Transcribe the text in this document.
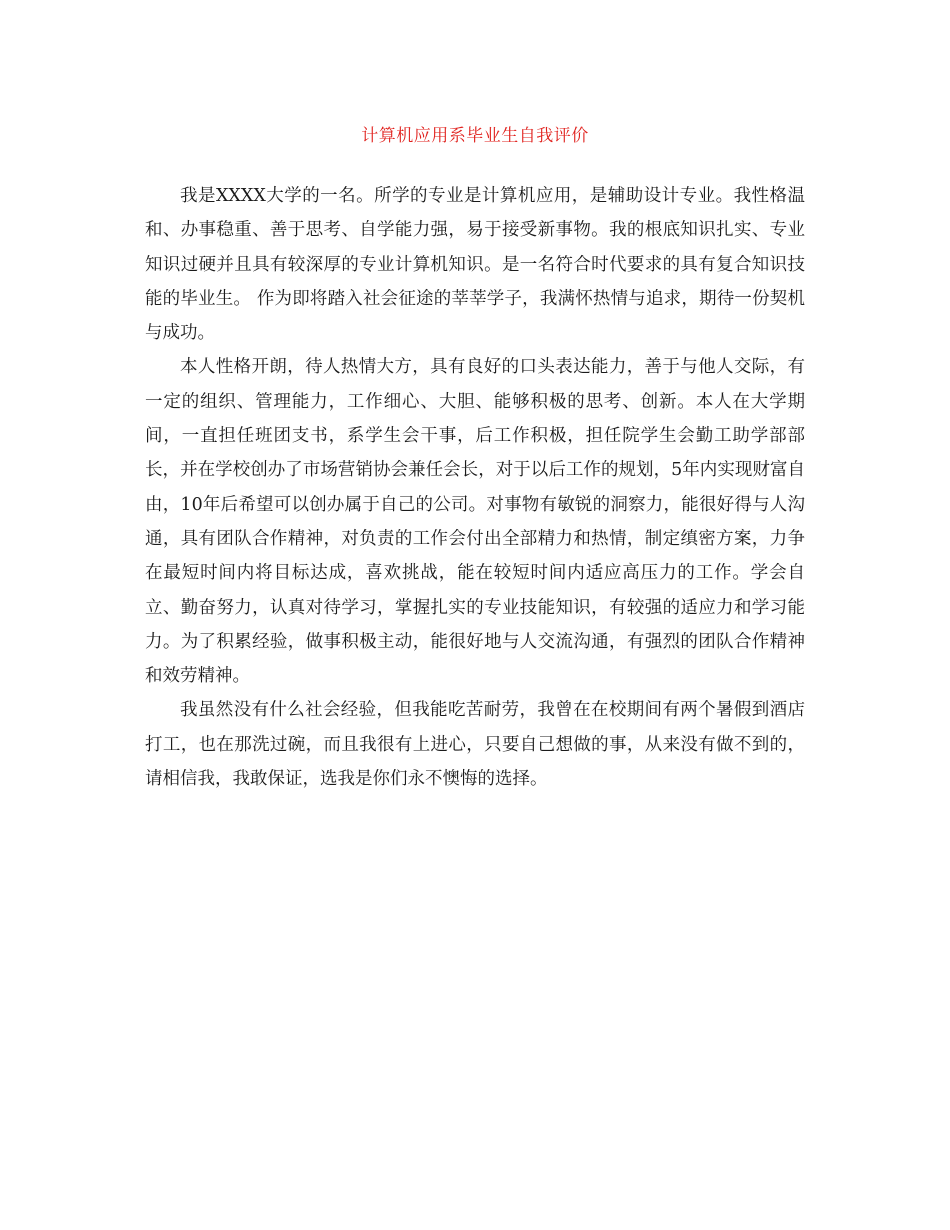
计算机应用系毕业生自我评价

我是XXXX大学的一名。所学的专业是计算机应用，是辅助设计专业。我性格温和、办事稳重、善于思考、自学能力强，易于接受新事物。我的根底知识扎实、专业知识过硬并且具有较深厚的专业计算机知识。是一名符合时代要求的具有复合知识技能的毕业生。 作为即将踏入社会征途的莘莘学子，我满怀热情与追求，期待一份契机与成功。

本人性格开朗，待人热情大方，具有良好的口头表达能力，善于与他人交际，有一定的组织、管理能力，工作细心、大胆、能够积极的思考、创新。本人在大学期间，一直担任班团支书，系学生会干事，后工作积极，担任院学生会勤工助学部部长，并在学校创办了市场营销协会兼任会长，对于以后工作的规划，5年内实现财富自由，10年后希望可以创办属于自己的公司。对事物有敏锐的洞察力，能很好得与人沟通，具有团队合作精神，对负责的工作会付出全部精力和热情，制定缜密方案，力争在最短时间内将目标达成，喜欢挑战，能在较短时间内适应高压力的工作。学会自立、勤奋努力，认真对待学习，掌握扎实的专业技能知识，有较强的适应力和学习能力。为了积累经验，做事积极主动，能很好地与人交流沟通，有强烈的团队合作精神和效劳精神。

我虽然没有什么社会经验，但我能吃苦耐劳，我曾在在校期间有两个暑假到酒店打工，也在那洗过碗，而且我很有上进心，只要自己想做的事，从来没有做不到的，请相信我，我敢保证，选我是你们永不懊悔的选择。
